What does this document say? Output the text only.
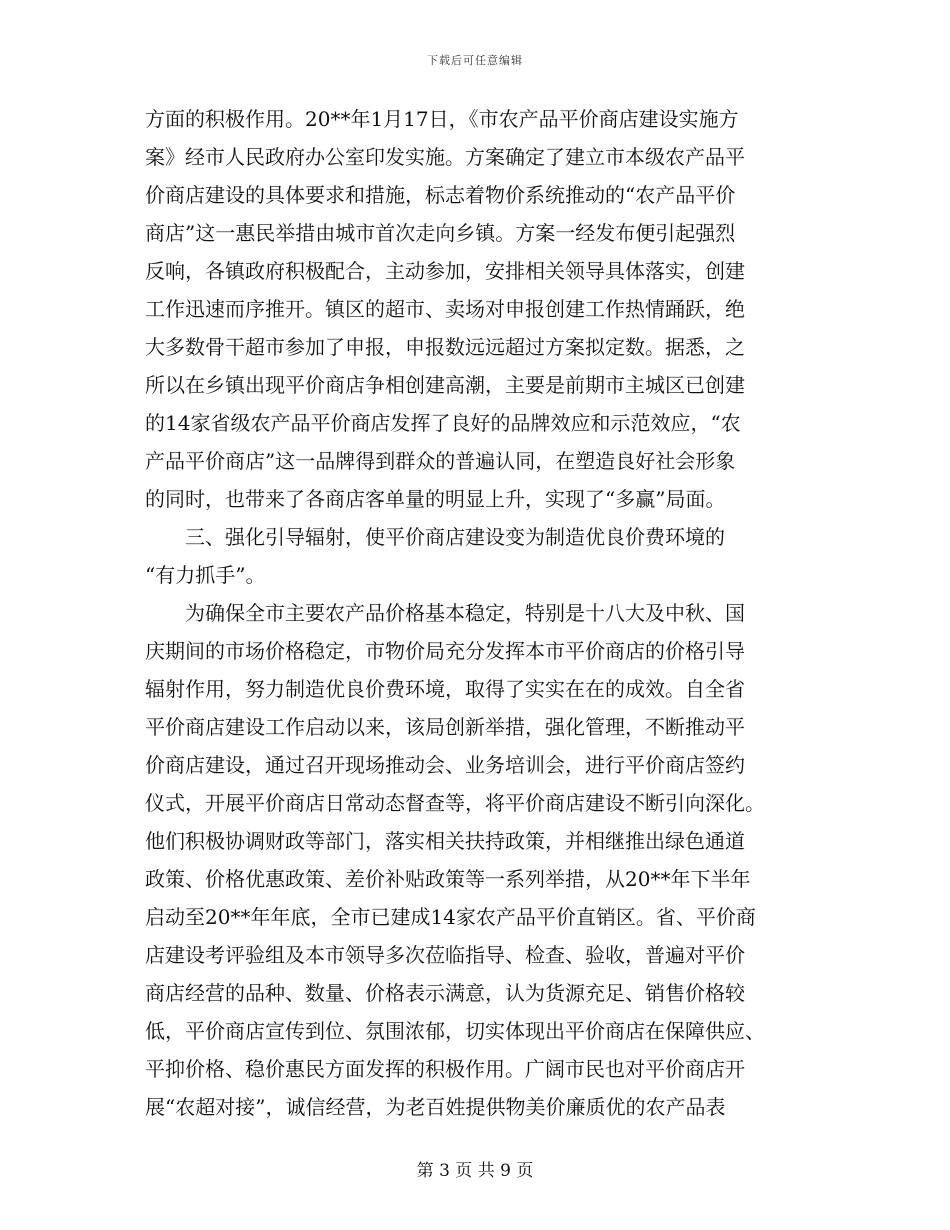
下载后可任意编辑
方面的积极作用。20**年1月17日，《市农产品平价商店建设实施方
案》经市人民政府办公室印发实施。方案确定了建立市本级农产品平
价商店建设的具体要求和措施，标志着物价系统推动的“农产品平价
商店”这一惠民举措由城市首次走向乡镇。方案一经发布便引起强烈
反响，各镇政府积极配合，主动参加，安排相关领导具体落实，创建
工作迅速而序推开。镇区的超市、卖场对申报创建工作热情踊跃，绝
大多数骨干超市参加了申报，申报数远远超过方案拟定数。据悉，之
所以在乡镇出现平价商店争相创建高潮，主要是前期市主城区已创建
的14家省级农产品平价商店发挥了良好的品牌效应和示范效应，“农
产品平价商店”这一品牌得到群众的普遍认同，在塑造良好社会形象
的同时，也带来了各商店客单量的明显上升，实现了“多赢”局面。
　　三、强化引导辐射，使平价商店建设变为制造优良价费环境的
“有力抓手”。
　　为确保全市主要农产品价格基本稳定，特别是十八大及中秋、国
庆期间的市场价格稳定，市物价局充分发挥本市平价商店的价格引导
辐射作用，努力制造优良价费环境，取得了实实在在的成效。自全省
平价商店建设工作启动以来，该局创新举措，强化管理，不断推动平
价商店建设，通过召开现场推动会、业务培训会，进行平价商店签约
仪式，开展平价商店日常动态督查等，将平价商店建设不断引向深化。
他们积极协调财政等部门，落实相关扶持政策，并相继推出绿色通道
政策、价格优惠政策、差价补贴政策等一系列举措，从20**年下半年
启动至20**年年底，全市已建成14家农产品平价直销区。省、平价商
店建设考评验组及本市领导多次莅临指导、检查、验收，普遍对平价
商店经营的品种、数量、价格表示满意，认为货源充足、销售价格较
低，平价商店宣传到位、氛围浓郁，切实体现出平价商店在保障供应、
平抑价格、稳价惠民方面发挥的积极作用。广阔市民也对平价商店开
展“农超对接”，诚信经营，为老百姓提供物美价廉质优的农产品表
第 3 页 共 9 页
